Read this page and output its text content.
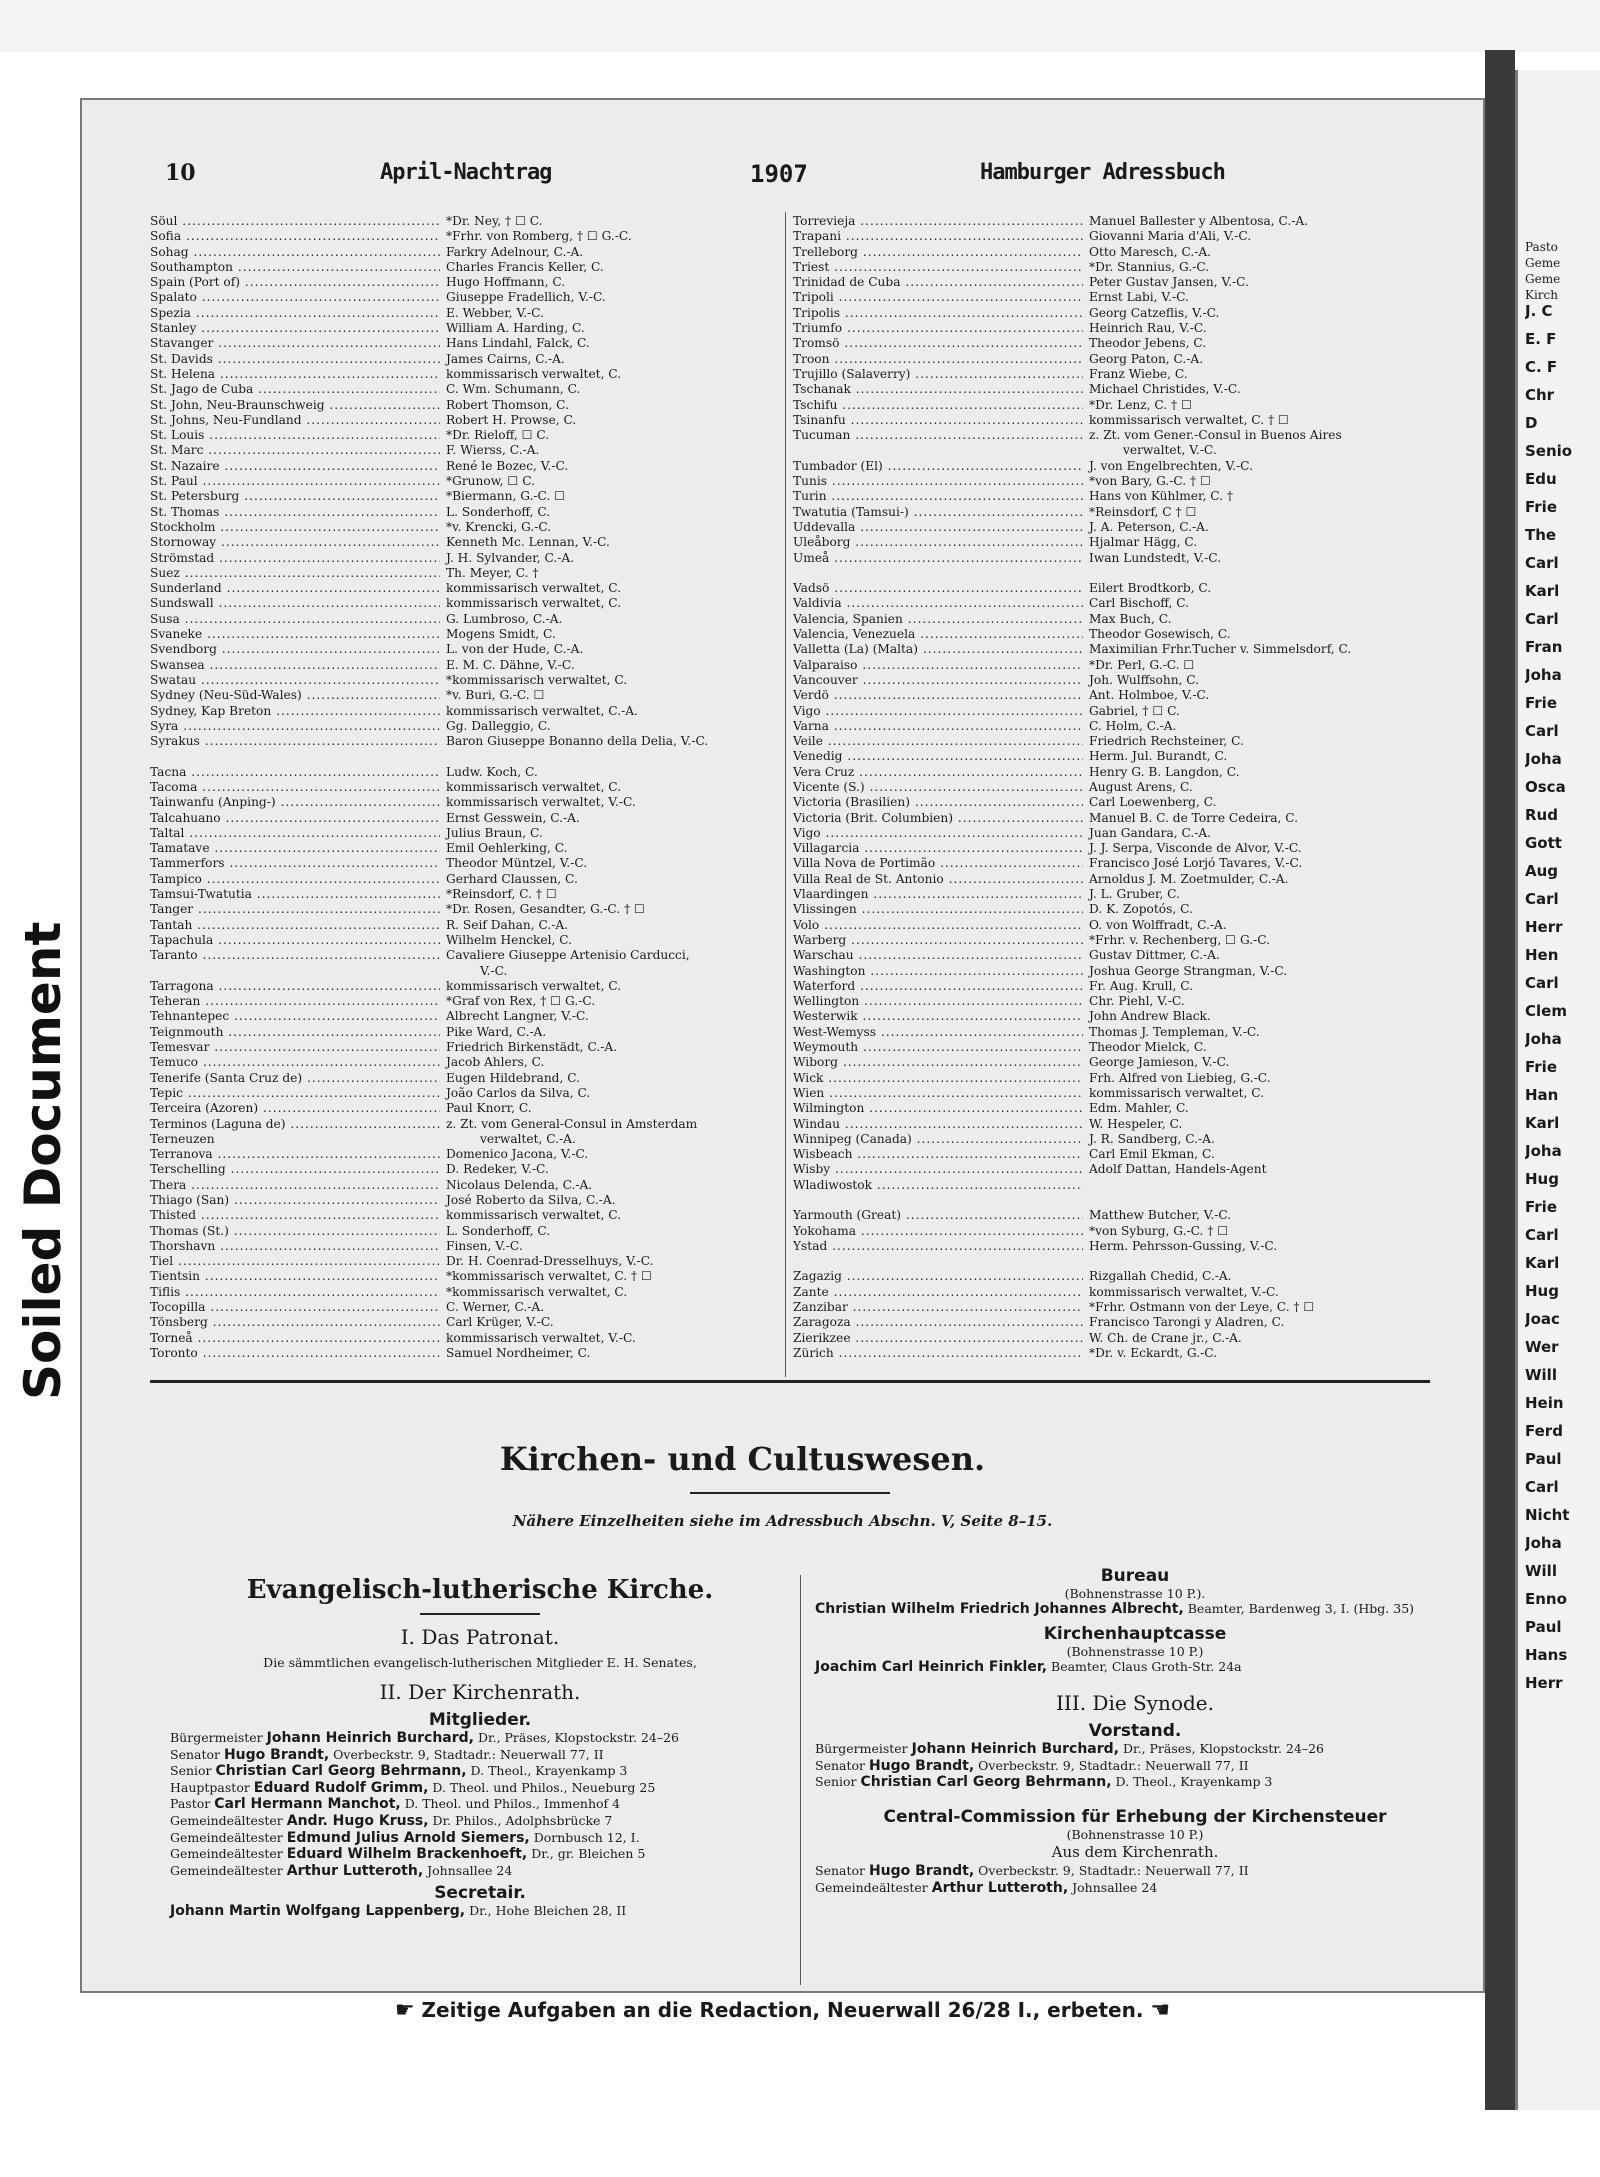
Soiled Document
10	April-Nachtrag	1907	Hamburger Adressbuch
Söul .....	*Dr. Ney, † ☐ C.
Sofia .....	*Frhr. von Romberg, † ☐ G.-C.
Sohag .....	Farkry Adelnour, C.-A.
Southampton .....	Charles Francis Keller, C.
Spain (Port of) .....	Hugo Hoffmann, C.
Spalato .....	Giuseppe Fradellich, V.-C.
Spezia .....	E. Webber, V.-C.
Stanley .....	William A. Harding, C.
Stavanger .....	Hans Lindahl, Falck, C.
St. Davids .....	James Cairns, C.-A.
St. Helena .....	kommissarisch verwaltet, C.
St. Jago de Cuba .....	C. Wm. Schumann, C.
St. John, Neu-Braunschweig .....	Robert Thomson, C.
St. Johns, Neu-Fundland .....	Robert H. Prowse, C.
St. Louis .....	*Dr. Rieloff, ☐ C.
St. Marc .....	F. Wierss, C.-A.
St. Nazaire .....	René le Bozec, V.-C.
St. Paul .....	*Grunow, ☐ C.
St. Petersburg .....	*Biermann, G.-C. ☐
St. Thomas .....	L. Sonderhoff, C.
Stockholm .....	*v. Krencki, G.-C.
Stornoway .....	Kenneth Mc. Lennan, V.-C.
Strömstad .....	J. H. Sylvander, C.-A.
Suez .....	Th. Meyer, C. †
Sunderland .....	kommissarisch verwaltet, C.
Sundswall .....	kommissarisch verwaltet, C.
Susa .....	G. Lumbroso, C.-A.
Svaneke .....	Mogens Smidt, C.
Svendborg .....	L. von der Hude, C.-A.
Swansea .....	E. M. C. Dähne, V.-C.
Swatau .....	*kommissarisch verwaltet, C.
Sydney (Neu-Süd-Wales) .....	*v. Buri, G.-C. ☐
Sydney, Kap Breton .....	kommissarisch verwaltet, C.-A.
Syra .....	Gg. Dalleggio, C.
Syrakus .....	Baron Giuseppe Bonanno della Delia, V.-C.
Tacna .....	Ludw. Koch, C.
Tacoma .....	kommissarisch verwaltet, C.
Tainwanfu (Anping-) .....	kommissarisch verwaltet, V.-C.
Talcahuano .....	Ernst Gesswein, C.-A.
Taltal .....	Julius Braun, C.
Tamatave .....	Emil Oehlerking, C.
Tammerfors .....	Theodor Müntzel, V.-C.
Tampico .....	Gerhard Claussen, C.
Tamsui-Twatutia .....	*Reinsdorf, C. † ☐
Tanger .....	*Dr. Rosen, Gesandter, G.-C. † ☐
Tantah .....	R. Seif Dahan, C.-A.
Tapachula .....	Wilhelm Henckel, C.
Taranto .....	Cavaliere Giuseppe Artenisio Carducci,
V.-C.
Tarragona .....	kommissarisch verwaltet, C.
Teheran .....	*Graf von Rex, † ☐ G.-C.
Tehnantepec .....	Albrecht Langner, V.-C.
Teignmouth .....	Pike Ward, C.-A.
Temesvar .....	Friedrich Birkenstädt, C.-A.
Temuco .....	Jacob Ahlers, C.
Tenerife (Santa Cruz de) .....	Eugen Hildebrand, C.
Tepic .....	João Carlos da Silva, C.
Terceira (Azoren) .....	Paul Knorr, C.
Terminos (Laguna de) .....	z. Zt. vom General-Consul in Amsterdam
Terneuzen	verwaltet, C.-A.
Terranova .....	Domenico Jacona, V.-C.
Terschelling .....	D. Redeker, V.-C.
Thera .....	Nicolaus Delenda, C.-A.
Thiago (San) .....	José Roberto da Silva, C.-A.
Thisted .....	kommissarisch verwaltet, C.
Thomas (St.) .....	L. Sonderhoff, C.
Thorshavn .....	Finsen, V.-C.
Tiel .....	Dr. H. Coenrad-Dresselhuys, V.-C.
Tientsin .....	*kommissarisch verwaltet, C. † ☐
Tiflis .....	*kommissarisch verwaltet, C.
Tocopilla .....	C. Werner, C.-A.
Tönsberg .....	Carl Krüger, V.-C.
Torneå .....	kommissarisch verwaltet, V.-C.
Toronto .....	Samuel Nordheimer, C.
Torrevieja .....	Manuel Ballester y Albentosa, C.-A.
Trapani .....	Giovanni Maria d'Ali, V.-C.
Trelleborg .....	Otto Maresch, C.-A.
Triest .....	*Dr. Stannius, G.-C.
Trinidad de Cuba .....	Peter Gustav Jansen, V.-C.
Tripoli .....	Ernst Labi, V.-C.
Tripolis .....	Georg Catzeflis, V.-C.
Triumfo .....	Heinrich Rau, V.-C.
Tromsö .....	Theodor Jebens, C.
Troon .....	Georg Paton, C.-A.
Trujillo (Salaverry) .....	Franz Wiebe, C.
Tschanak .....	Michael Christides, V.-C.
Tschifu .....	*Dr. Lenz, C. † ☐
Tsinanfu .....	kommissarisch verwaltet, C. † ☐
Tucuman .....	z. Zt. vom Gener.-Consul in Buenos Aires
verwaltet, V.-C.
Tumbador (El) .....	J. von Engelbrechten, V.-C.
Tunis .....	*von Bary, G.-C. † ☐
Turin .....	Hans von Kühlmer, C. †
Twatutia (Tamsui-) .....	*Reinsdorf, C † ☐
Uddevalla .....	J. A. Peterson, C.-A.
Uleåborg .....	Hjalmar Hägg, C.
Umeå .....	Iwan Lundstedt, V.-C.
Vadsö .....	Eilert Brodtkorb, C.
Valdivia .....	Carl Bischoff, C.
Valencia, Spanien .....	Max Buch, C.
Valencia, Venezuela .....	Theodor Gosewisch, C.
Valletta (La) (Malta) .....	Maximilian Frhr.Tucher v. Simmelsdorf, C.
Valparaiso .....	*Dr. Perl, G.-C. ☐
Vancouver .....	Joh. Wulffsohn, C.
Verdö .....	Ant. Holmboe, V.-C.
Vigo .....	Gabriel, † ☐ C.
Varna .....	C. Holm, C.-A.
Veile .....	Friedrich Rechsteiner, C.
Venedig .....	Herm. Jul. Burandt, C.
Vera Cruz .....	Henry G. B. Langdon, C.
Vicente (S.) .....	August Arens, C.
Victoria (Brasilien) .....	Carl Loewenberg, C.
Victoria (Brit. Columbien) .....	Manuel B. C. de Torre Cedeira, C.
Vigo .....	Juan Gandara, C.-A.
Villagarcia .....	J. J. Serpa, Visconde de Alvor, V.-C.
Villa Nova de Portimão .....	Francisco José Lorjó Tavares, V.-C.
Villa Real de St. Antonio .....	Arnoldus J. M. Zoetmulder, C.-A.
Vlaardingen .....	J. L. Gruber, C.
Vlissingen .....	D. K. Zopotós, C.
Volo .....	O. von Wolffradt, C.-A.
Warberg .....	*Frhr. v. Rechenberg, ☐ G.-C.
Warschau .....	Gustav Dittmer, C.-A.
Washington .....	Joshua George Strangman, V.-C.
Waterford .....	Fr. Aug. Krull, C.
Wellington .....	Chr. Piehl, V.-C.
Westerwik .....	John Andrew Black.
West-Wemyss .....	Thomas J. Templeman, V.-C.
Weymouth .....	Theodor Mielck, C.
Wiborg .....	George Jamieson, V.-C.
Wick .....	Frh. Alfred von Liebieg, G.-C.
Wien .....	kommissarisch verwaltet, C.
Wilmington .....	Edm. Mahler, C.
Windau .....	W. Hespeler, C.
Winnipeg (Canada) .....	J. R. Sandberg, C.-A.
Wisbeach .....	Carl Emil Ekman, C.
Wisby .....	Adolf Dattan, Handels-Agent
Wladiwostok .....
Yarmouth (Great) .....	Matthew Butcher, V.-C.
Yokohama .....	*von Syburg, G.-C. † ☐
Ystad .....	Herm. Pehrsson-Gussing, V.-C.
Zagazig .....	Rizgallah Chedid, C.-A.
Zante .....	kommissarisch verwaltet, V.-C.
Zanzibar .....	*Frhr. Ostmann von der Leye, C. † ☐
Zaragoza .....	Francisco Tarongi y Aladren, C.
Zierikzee .....	W. Ch. de Crane jr., C.-A.
Zürich .....	*Dr. v. Eckardt, G.-C.
Kirchen- und Cultuswesen.
Nähere Einzelheiten siehe im Adressbuch Abschn. V, Seite 8–15.
Evangelisch-lutherische Kirche.
I. Das Patronat.
Die sämmtlichen evangelisch-lutherischen Mitglieder E. H. Senates,
II. Der Kirchenrath.
Mitglieder.
Bürgermeister Johann Heinrich Burchard, Dr., Präses, Klopstockstr. 24–26
Senator Hugo Brandt, Overbeckstr. 9, Stadtadr.: Neuerwall 77, II
Senior Christian Carl Georg Behrmann, D. Theol., Krayenkamp 3
Hauptpastor Eduard Rudolf Grimm, D. Theol. und Philos., Neueburg 25
Pastor Carl Hermann Manchot, D. Theol. und Philos., Immenhof 4
Gemeindeältester Andr. Hugo Kruss, Dr. Philos., Adolphsbrücke 7
Gemeindeältester Edmund Julius Arnold Siemers, Dornbusch 12, I.
Gemeindeältester Eduard Wilhelm Brackenhoeft, Dr., gr. Bleichen 5
Gemeindeältester Arthur Lutteroth, Johnsallee 24
Secretair.
Johann Martin Wolfgang Lappenberg, Dr., Hohe Bleichen 28, II
Bureau
(Bohnenstrasse 10 P.).
Christian Wilhelm Friedrich Johannes Albrecht, Beamter, Bardenweg 3, I. (Hbg. 35)
Kirchenhauptcasse
(Bohnenstrasse 10 P.)
Joachim Carl Heinrich Finkler, Beamter, Claus Groth-Str. 24a
III. Die Synode.
Vorstand.
Bürgermeister Johann Heinrich Burchard, Dr., Präses, Klopstockstr. 24–26
Senator Hugo Brandt, Overbeckstr. 9, Stadtadr.: Neuerwall 77, II
Senior Christian Carl Georg Behrmann, D. Theol., Krayenkamp 3
Central-Commission für Erhebung der Kirchensteuer
(Bohnenstrasse 10 P.)
Aus dem Kirchenrath.
Senator Hugo Brandt, Overbeckstr. 9, Stadtadr.: Neuerwall 77, II
Gemeindeältester Arthur Lutteroth, Johnsallee 24
☛ Zeitige Aufgaben an die Redaction, Neuerwall 26/28 I., erbeten. ☚
Pasto
Geme
Geme
Kirch
J. C
E. F
C. F
Chr
D
Senio
Edu
Frie
The
Carl
Karl
Carl
Fran
Joha
Frie
Carl
Joha
Osca
Rud
Gott
Aug
Carl
Herr
Hen
Carl
Clem
Joha
Frie
Han
Karl
Joha
Hug
Frie
Carl
Karl
Hug
Joac
Wer
Will
Hein
Ferd
Paul
Carl
Nicht
Joha
Will
Enno
Paul
Hans
Herr
